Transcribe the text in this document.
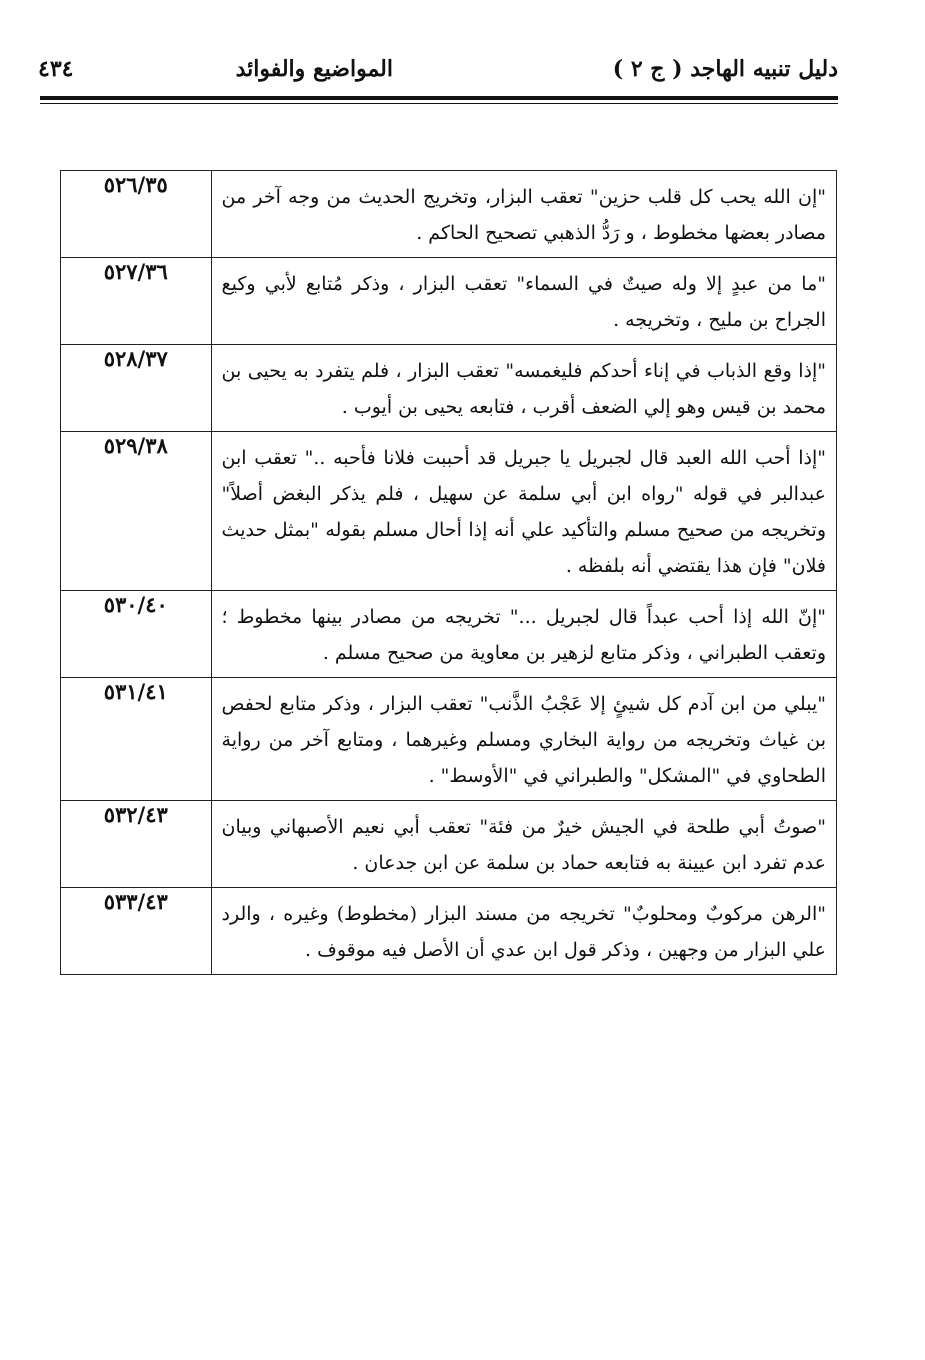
دليل تنبيه الهاجد ( ج ٢ )
المواضيع والفوائد
٤٣٤
"إن الله يحب كل قلب حزين" تعقب البزار، وتخريج الحديث من وجه آخر من مصادر بعضها مخطوط ، و رَدُّ الذهبي تصحيح الحاكم .	٥٢٦/٣٥
"ما من عبدٍ إلا وله صيتٌ في السماء" تعقب البزار ، وذكر مُتابع لأبي وكيع الجراح بن مليح ، وتخريجه .	٥٢٧/٣٦
"إذا وقع الذباب في إناء أحدكم فليغمسه" تعقب البزار ، فلم يتفرد به يحيى بن محمد بن قيس وهو إلي الضعف أقرب ، فتابعه يحيى بن أيوب .	٥٢٨/٣٧
"إذا أحب الله العبد قال لجبريل يا جبريل قد أحببت فلانا فأحبه .." تعقب ابن عبدالبر في قوله "رواه ابن أبي سلمة عن سهيل ، فلم يذكر البغض أصلاً" وتخريجه من صحيح مسلم والتأكيد علي أنه إذا أحال مسلم بقوله "بمثل حديث فلان" فإن هذا يقتضي أنه بلفظه .	٥٢٩/٣٨
"إنّ الله إذا أحب عبداً قال لجبريل ..." تخريجه من مصادر بينها مخطوط ؛ وتعقب الطبراني ، وذكر متابع لزهير بن معاوية من صحيح مسلم .	٥٣٠/٤٠
"يبلي من ابن آدم كل شيئٍ إلا عَجْبُ الذَّنب" تعقب البزار ، وذكر متابع لحفص بن غياث وتخريجه من رواية البخاري ومسلم وغيرهما ، ومتابع آخر من رواية الطحاوي في "المشكل" والطبراني في "الأوسط" .	٥٣١/٤١
"صوتُ أبي طلحة في الجيش خيرٌ من فئة" تعقب أبي نعيم الأصبهاني وبيان عدم تفرد ابن عيينة به فتابعه حماد بن سلمة عن ابن جدعان .	٥٣٢/٤٣
"الرهن مركوبٌ ومحلوبٌ" تخريجه من مسند البزار (مخطوط) وغيره ، والرد علي البزار من وجهين ، وذكر قول ابن عدي أن الأصل فيه موقوف .	٥٣٣/٤٣
